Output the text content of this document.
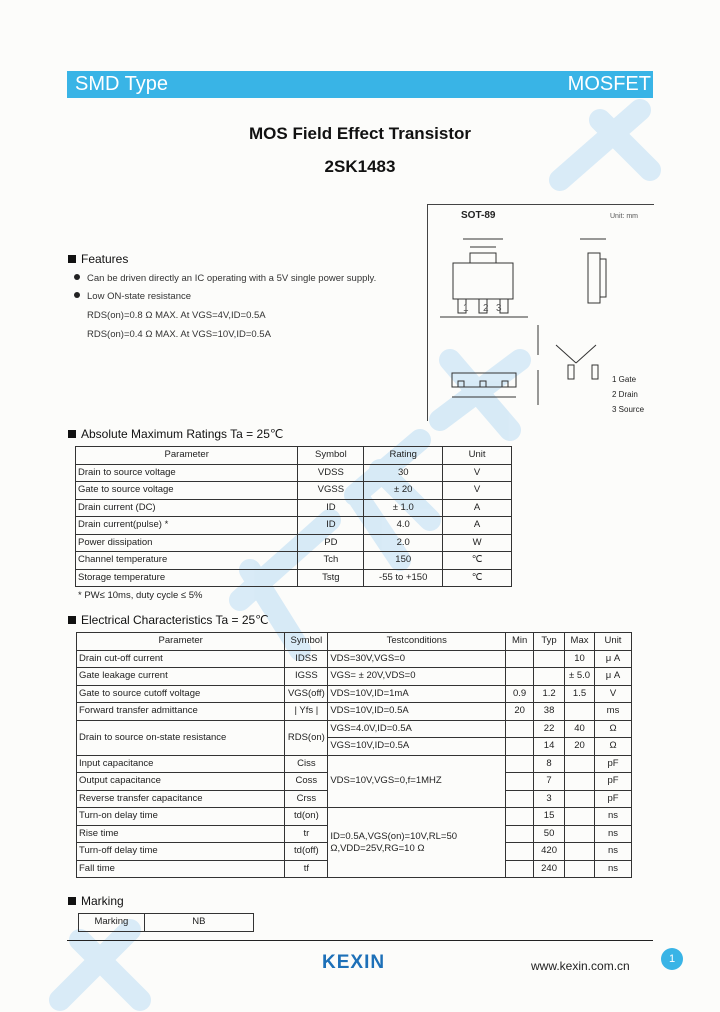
SMD Type	MOSFET
MOS Field Effect Transistor
2SK1483
Features
Can be driven directly an IC operating with a 5V single power supply.
Low ON-state resistance
RDS(on)=0.8 Ω MAX. At VGS=4V,ID=0.5A
RDS(on)=0.4 Ω MAX. At VGS=10V,ID=0.5A
SOT-89	Unit: mm
1 2 3
1 Gate
2 Drain
3 Source
Absolute Maximum Ratings Ta = 25℃
Parameter	Symbol	Rating	Unit
Drain to source voltage	VDSS	30	V
Gate to source voltage	VGSS	± 20	V
Drain current (DC)	ID	± 1.0	A
Drain current(pulse) *	ID	4.0	A
Power dissipation	PD	2.0	W
Channel temperature	Tch	150	℃
Storage temperature	Tstg	-55 to +150	℃
* PW≤ 10ms, duty cycle ≤ 5%
Electrical Characteristics Ta = 25℃
Parameter	Symbol	Testconditions	Min	Typ	Max	Unit
Drain cut-off current	IDSS	VDS=30V,VGS=0			10	μ A
Gate leakage current	IGSS	VGS= ± 20V,VDS=0			± 5.0	μ A
Gate to source cutoff voltage	VGS(off)	VDS=10V,ID=1mA	0.9	1.2	1.5	V
Forward transfer admittance	| Yfs |	VDS=10V,ID=0.5A	20	38		ms
Drain to source on-state resistance	RDS(on)	VGS=4.0V,ID=0.5A		22	40	Ω
		VGS=10V,ID=0.5A		14	20	Ω
Input capacitance	Ciss	VDS=10V,VGS=0,f=1MHZ		8		pF
Output capacitance	Coss			7		pF
Reverse transfer capacitance	Crss			3		pF
Turn-on delay time	td(on)	ID=0.5A,VGS(on)=10V,RL=50
Ω,VDD=25V,RG=10 Ω		15		ns
Rise time	tr			50		ns
Turn-off delay time	td(off)			420		ns
Fall time	tf			240		ns
Marking
Marking	NB
KEXIN	www.kexin.com.cn	1
